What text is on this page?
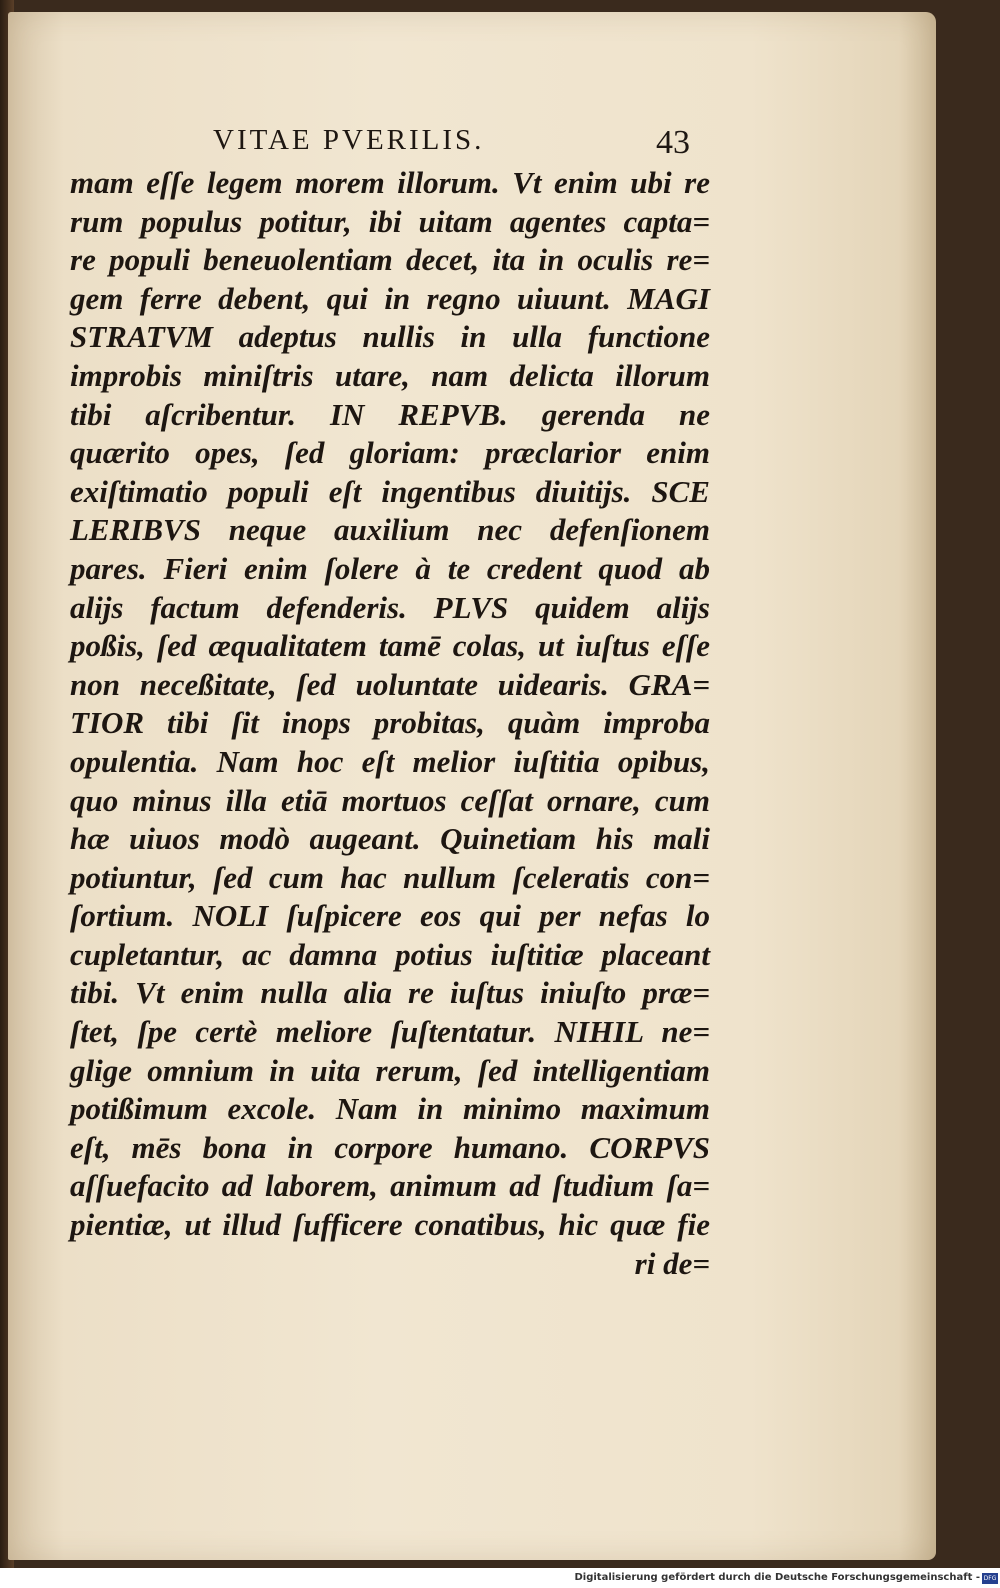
VITAE PVERILIS.	43
mam eſſe legem morem illorum. Vt enim ubi re
rum populus potitur, ibi uitam agentes capta=
re populi beneuolentiam decet, ita in oculis re=
gem ferre debent, qui in regno uiuunt. MAGI
STRATVM adeptus nullis in ulla functione
improbis miniſtris utare, nam delicta illorum
tibi aſcribentur. IN REPVB. gerenda ne
quærito opes, ſed gloriam: præclarior enim
exiſtimatio populi eſt ingentibus diuitijs. SCE
LERIBVS neque auxilium nec defenſionem
pares. Fieri enim ſolere à te credent quod ab
alijs factum defenderis. PLVS quidem alijs
poßis, ſed æqualitatem tamē colas, ut iuſtus eſſe
non neceßitate, ſed uoluntate uidearis. GRA=
TIOR tibi ſit inops probitas, quàm improba
opulentia. Nam hoc eſt melior iuſtitia opibus,
quo minus illa etiā mortuos ceſſat ornare, cum
hæ uiuos modò augeant. Quinetiam his mali
potiuntur, ſed cum hac nullum ſceleratis con=
ſortium. NOLI ſuſpicere eos qui per nefas lo
cupletantur, ac damna potius iuſtitiæ placeant
tibi. Vt enim nulla alia re iuſtus iniuſto præ=
ſtet, ſpe certè meliore ſuſtentatur. NIHIL ne=
glige omnium in uita rerum, ſed intelligentiam
potißimum excole. Nam in minimo maximum
eſt, mēs bona in corpore humano. CORPVS
aſſuefacito ad laborem, animum ad ſtudium ſa=
pientiæ, ut illud ſufficere conatibus, hic quæ fie
ri de=
Digitalisierung gefördert durch die Deutsche Forschungsgemeinschaft - DFG
